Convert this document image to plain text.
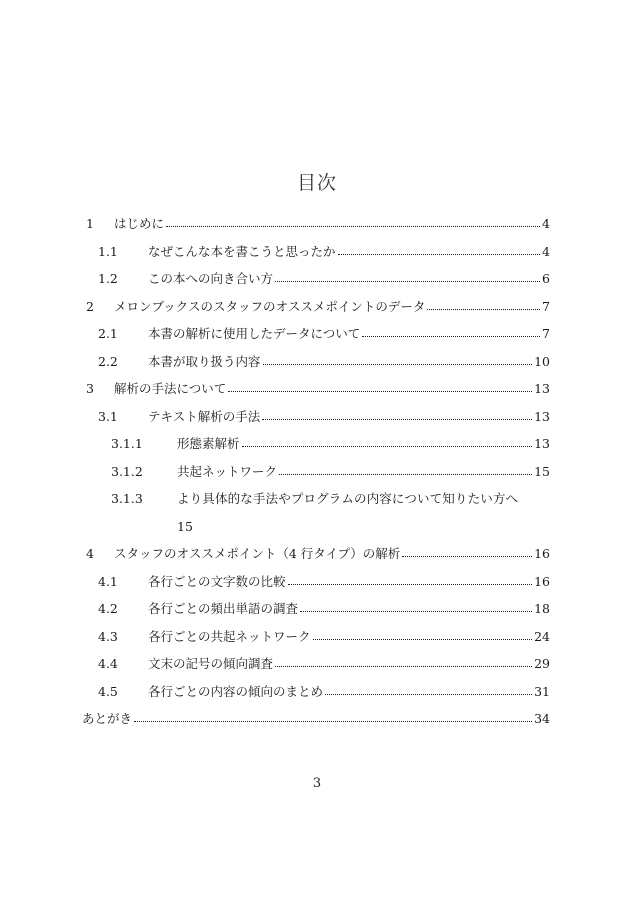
目次
1 はじめに	4
1.1 なぜこんな本を書こうと思ったか	4
1.2 この本への向き合い方	6
2 メロンブックスのスタッフのオススメポイントのデータ	7
2.1 本書の解析に使用したデータについて	7
2.2 本書が取り扱う内容	10
3 解析の手法について	13
3.1 テキスト解析の手法	13
3.1.1	形態素解析	13
3.1.2	共起ネットワーク	15
3.1.3	より具体的な手法やプログラムの内容について知りたい方へ
15
4 スタッフのオススメポイント（4 行タイプ）の解析	16
4.1 各行ごとの文字数の比較	16
4.2 各行ごとの頻出単語の調査	18
4.3 各行ごとの共起ネットワーク	24
4.4 文末の記号の傾向調査	29
4.5 各行ごとの内容の傾向のまとめ	31
あとがき	34
3
